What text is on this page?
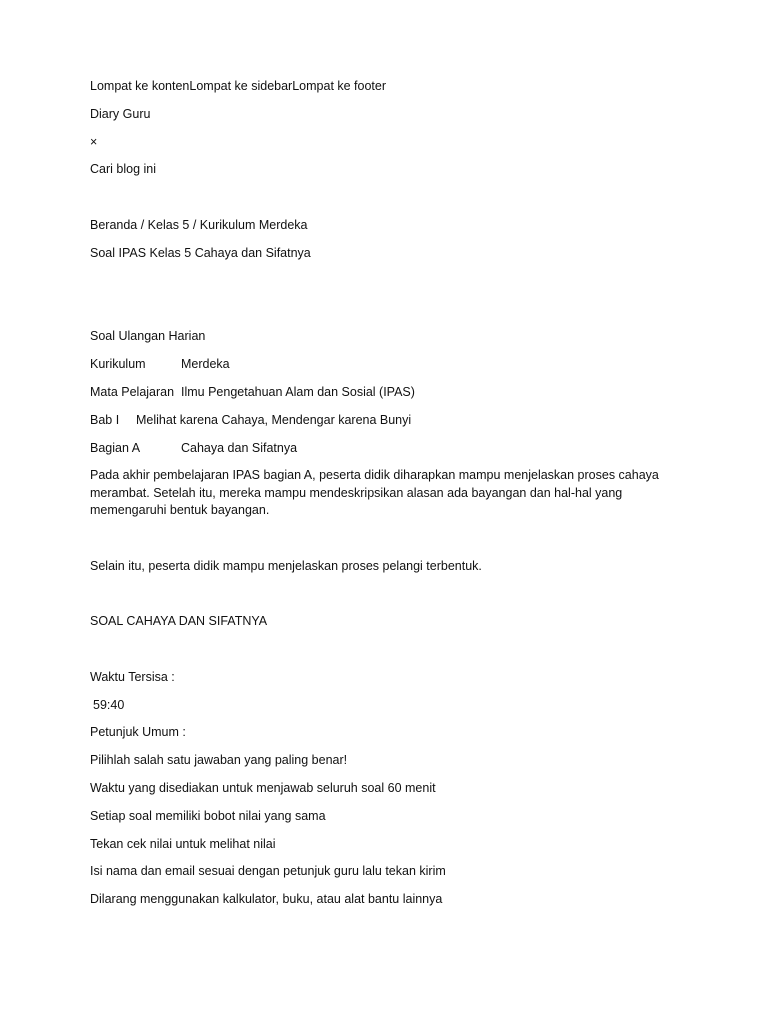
Lompat ke kontenLompat ke sidebarLompat ke footer
Diary Guru
×
Cari blog ini
Beranda / Kelas 5 / Kurikulum Merdeka
Soal IPAS Kelas 5 Cahaya dan Sifatnya
Soal Ulangan Harian
Kurikulum	Merdeka
Mata Pelajaran Ilmu Pengetahuan Alam dan Sosial (IPAS)
Bab I Melihat karena Cahaya, Mendengar karena Bunyi
Bagian A	Cahaya dan Sifatnya
Pada akhir pembelajaran IPAS bagian A, peserta didik diharapkan mampu menjelaskan proses cahaya merambat. Setelah itu, mereka mampu mendeskripsikan alasan ada bayangan dan hal-hal yang memengaruhi bentuk bayangan.
Selain itu, peserta didik mampu menjelaskan proses pelangi terbentuk.
SOAL CAHAYA DAN SIFATNYA
Waktu Tersisa :
59:40
Petunjuk Umum :
Pilihlah salah satu jawaban yang paling benar!
Waktu yang disediakan untuk menjawab seluruh soal 60 menit
Setiap soal memiliki bobot nilai yang sama
Tekan cek nilai untuk melihat nilai
Isi nama dan email sesuai dengan petunjuk guru lalu tekan kirim
Dilarang menggunakan kalkulator, buku, atau alat bantu lainnya
